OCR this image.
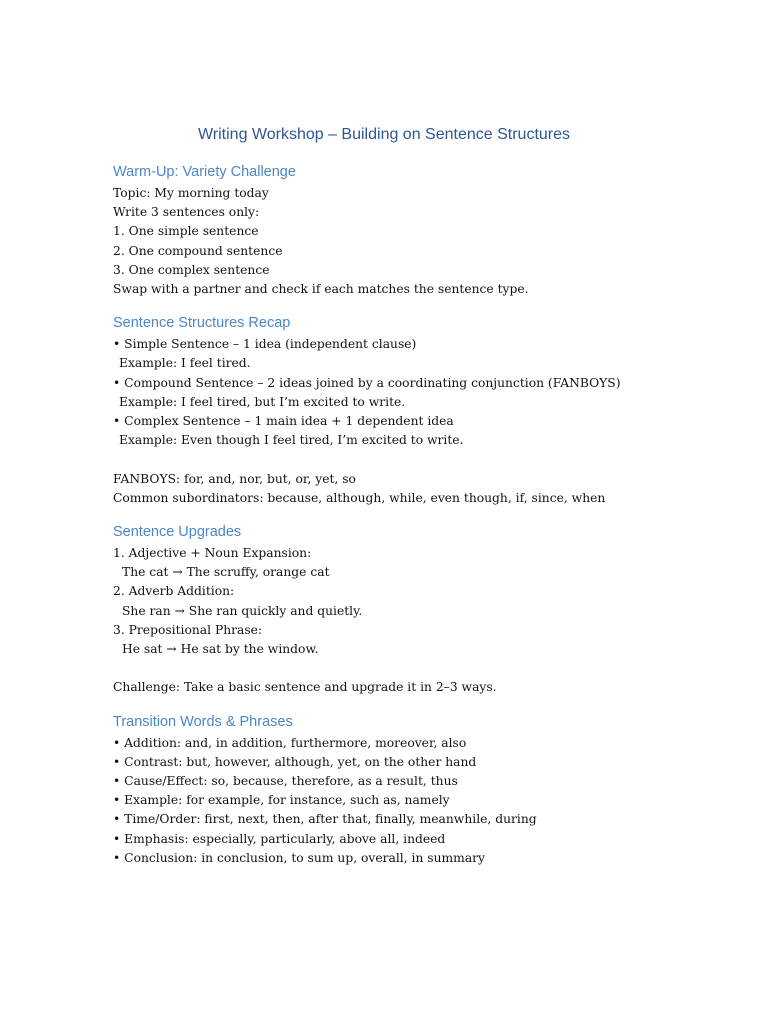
Writing Workshop – Building on Sentence Structures
Warm-Up: Variety Challenge
Topic: My morning today
Write 3 sentences only:
1. One simple sentence
2. One compound sentence
3. One complex sentence
Swap with a partner and check if each matches the sentence type.
Sentence Structures Recap
• Simple Sentence – 1 idea (independent clause)
Example: I feel tired.
• Compound Sentence – 2 ideas joined by a coordinating conjunction (FANBOYS)
Example: I feel tired, but I’m excited to write.
• Complex Sentence – 1 main idea + 1 dependent idea
Example: Even though I feel tired, I’m excited to write.
FANBOYS: for, and, nor, but, or, yet, so
Common subordinators: because, although, while, even though, if, since, when
Sentence Upgrades
1. Adjective + Noun Expansion:
The cat → The scruffy, orange cat
2. Adverb Addition:
She ran → She ran quickly and quietly.
3. Prepositional Phrase:
He sat → He sat by the window.
Challenge: Take a basic sentence and upgrade it in 2–3 ways.
Transition Words & Phrases
• Addition: and, in addition, furthermore, moreover, also
• Contrast: but, however, although, yet, on the other hand
• Cause/Effect: so, because, therefore, as a result, thus
• Example: for example, for instance, such as, namely
• Time/Order: first, next, then, after that, finally, meanwhile, during
• Emphasis: especially, particularly, above all, indeed
• Conclusion: in conclusion, to sum up, overall, in summary
